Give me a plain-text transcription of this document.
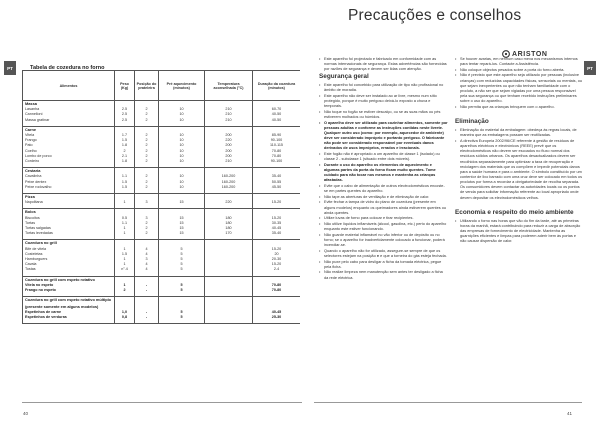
PT	PT
Precauções e conselhos
ARISTON
Tabela de cozedura no forno
Alimentos	Peso (Kg)	Posição do prateleira	Pré aquecimento (minutos)	Temperatura aconselhada (°C)	Duração da cozedura (minutos)
Massa					
Lasanha	2.5	2	10	210	60-70
Cannelloni	2.5	2	10	210	40-50
Massa gratinar	2.5	2	10	210	40-50

Carne					
Vitela	1.7	2	10	200	85-90
Frango	1.5	2	10	220	90-100
Pato	1.8	2	10	200	110-115
Coelho	2	2	10	200	70-80
Lombo de porco	2.1	2	10	200	70-80
Cordeiro	1.8	2	10	210	90-100

Cestaria					
Cavalinha	1.1	2	10	160-200	35-40
Peixe dentex	1.5	2	10	160-200	50-55
Peixe rodovalho	1.5	2	10	160-200	45-50

Pizza					
Napolitana	1	3	15	220	15-20

Bolos					
Biscoitos	0.5	3	15	180	15-20
Tortas	1.1	2	15	180	30-35
Tortas salgadas	1	2	15	180	40-45
Tortas levedadas	1	2	15	170	35-40

Cozedura no grill					
Bife de vitela	1	4	5		15-20
Costeletas	1.5	4	5		20
Hamburguers	1	3	5		20-30
Cavala	1	4	5		15-20
Tostas	n°.4	4	5		2-4

Cozedura no grill com espeto rotativo					
Vitela no espeto	1	-	5		70-80
Frango no espeto	2	-	5		70-80

Cozedura no grill com espeto rotativo múltiplo (presente somente em alguns modelos)					
Espetinhos de carne	1,0	-	5		40-45
Espetinhos de verduras	0,8	-	5		25-30

• Este aparelho foi projectado e fabricado em conformidade com as normas internacionais de segurança. Estas advertências são fornecidas por razões de segurança e devem ser lidas com atenção.
Segurança geral
• Este aparelho foi concebido para utilização de tipo não profissional no âmbito de moradia.
• Este aparelho não deve ser instalado ao ar livre, mesmo num sítio protegido, porque é muito perigoso deixá-lo exposto a chuva e temporais.
• Não toque no fogão se estiver descalço, ou se as suas mãos ou pés estiverem molhados ou húmidos.
• O aparelho deve ser utilizado para cozinhar alimentos, somente por pessoas adultas e conforme as instruções contidas neste livrete. Qualquer outro uso (como: por exemplo, aquecedor de ambiente) deve ser considerado impróprio e portanto perigoso. O fabricante não pode ser considerado responsável por eventuais danos derivados de usos impróprios, errados e irracionais.
• Este fogão não é apropriado a um aparelho de classe 1 (isolado) ou classe 2 - subclasse 1 (situado entre dois móveis).
• Durante o uso do aparelho os elementos de aquecimento e algumas partes da porta do forno ficam muito quentes. Tome cuidado para não tocar nos mesmos e mantenha as crianças afastadas.
• Evite que o cabo de alimentação de outros electrodomésticos encoste-se em partes quentes do aparelho.
• Não tape as aberturas de ventilação e de eliminação de calor.
• Evite fechar a tampa de vidro do plano de cozedura (presente em alguns modelos) enquanto os queimadores ainda estiverem quentes ou ainda quentes.
• Utilize luvas de forno para colocar e tirar recipientes.
• Não utilize líquidos inflamáveis (álcool, gasolina, etc.) perto do aparelho enquanto este estiver funcionando.
• Não guarde material inflamável no vão inferior ou de depósito ou no forno; se o aparelho for inadvertidamente colocado a funcionar, poderá incendiar-se.
• Quando o aparelho não for utilizado, assegure-se sempre de que os selectores estejam na posição ● e que a torneira do gás esteja fechada.
• Não puxe pelo cabo para desligar a ficha da tomada eléctrica, pegue pela ficha.
• Não realize limpeza nem manutenção sem antes ter desligado a ficha da rede eléctrica.
• Se houver avarias, em nenhum caso mexa nos mecanismos internos para tentar repará-los. Contacte a Assistência.
• Não coloque objectos pesados sobre a porta do forno aberta.
• Não é previsto que este aparelho seja utilizado por pessoas (inclusive crianças) com reduzidas capacidades físicas, sensoriais ou mentais, ou que sejam inexperientes ou que não tenham familiaridade com o produto, a não ser que sejam vigiadas por uma pessoa responsável pela sua segurança ou que tenham recebido instruções preliminares sobre o uso do aparelho.
• Não permita que as crianças brinquem com o aparelho.
Eliminação
• Eliminação do material da embalagem: obedeça às regras locais, de maneira que as embalagens possam ser reutilizadas.
• A directiva Europeia 2002/96/CE referente à gestão de resíduos de aparelhos eléctricos e electrónicos (REEE) prevê que os electrodomésticos não devem ser escoados no fluxo normal dos resíduos sólidos urbanos. Os aparelhos desactualizados devem ser recolhidos separadamente para optimizar a taxa de recuperação e reciclagem dos materiais que os compõem e impedir potenciais danos para a saúde humana e para o ambiente. O símbolo constituído por um contentor de lixo barrado com uma cruz deve ser colocado em todos os produtos por forma a recordar a obrigatoriedade de recolha separada. Os consumidores devem contactar as autoridades locais ou os pontos de venda para solicitar informação referente ao local apropriado onde devem depositar os electrodomésticos velhos.
Economia e respeito do meio ambiente
• Utilizando o forno nas horas que vão do fim da tarde, até as primeiras horas da manhã, estará contribuindo para reduzir a carga de absorção das empresas de fornecimento de electricidade. Mantenha as guarnições eficientes e limpas para poderem aderir bem às portas e não causar dispersão de calor.
40	41
